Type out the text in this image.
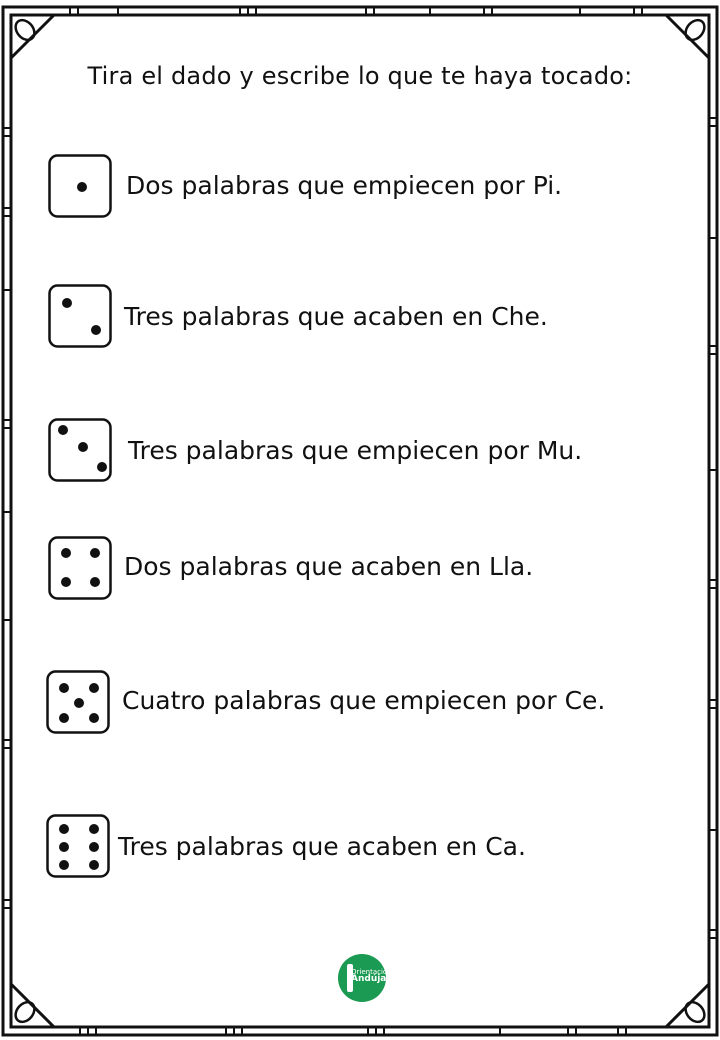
Tira el dado y escribe lo que te haya tocado:
Dos palabras que empiecen por Pi.
Tres palabras que acaben en Che.
Tres palabras que empiecen por Mu.
Dos palabras que acaben en Lla.
Cuatro palabras que empiecen por Ce.
Tres palabras que acaben en Ca.
Orientación
Andújar
